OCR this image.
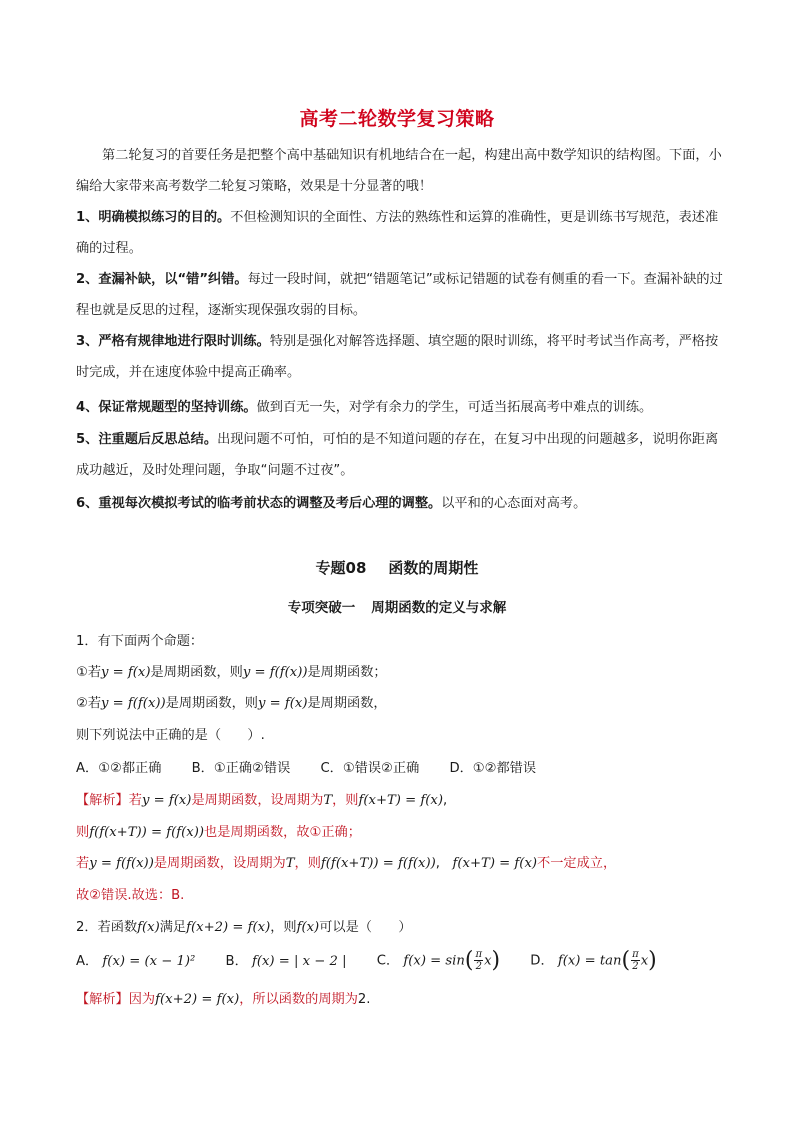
高考二轮数学复习策略
第二轮复习的首要任务是把整个高中基础知识有机地结合在一起，构建出高中数学知识的结构图。下面，小编给大家带来高考数学二轮复习策略，效果是十分显著的哦！
1、明确模拟练习的目的。不但检测知识的全面性、方法的熟练性和运算的准确性，更是训练书写规范，表述准确的过程。
2、查漏补缺，以“错”纠错。每过一段时间，就把“错题笔记”或标记错题的试卷有侧重的看一下。查漏补缺的过程也就是反思的过程，逐渐实现保强攻弱的目标。
3、严格有规律地进行限时训练。特别是强化对解答选择题、填空题的限时训练，将平时考试当作高考，严格按时完成，并在速度体验中提高正确率。
4、保证常规题型的坚持训练。做到百无一失，对学有余力的学生，可适当拓展高考中难点的训练。
5、注重题后反思总结。出现问题不可怕，可怕的是不知道问题的存在，在复习中出现的问题越多，说明你距离成功越近，及时处理问题，争取“问题不过夜”。
6、重视每次模拟考试的临考前状态的调整及考后心理的调整。以平和的心态面对高考。
专题08 函数的周期性
专项突破一 周期函数的定义与求解
1．有下面两个命题：
①若y = f(x)是周期函数，则y = f(f(x))是周期函数；
②若y = f(f(x))是周期函数，则y = f(x)是周期函数，
则下列说法中正确的是（　　）.
A．①②都正确 B．①正确②错误 C．①错误②正确 D．①②都错误
【解析】若y = f(x)是周期函数，设周期为T，则f(x+T) = f(x),
则f(f(x+T)) = f(f(x))也是周期函数，故①正确；
若y = f(f(x))是周期函数，设周期为T，则f(f(x+T)) = f(f(x)),   f(x+T) = f(x)不一定成立，
故②错误.故选：B.
2．若函数f(x)满足f(x+2) = f(x)，则f(x)可以是（　　）
A． f(x) = (x − 1)² B． f(x) = | x − 2 | C． $f(x) = \sin( \frac{\pi}{2} x)$ D． $f(x) = \tan( \frac{\pi}{2} x)$
【解析】因为f(x+2) = f(x)，所以函数的周期为2.
